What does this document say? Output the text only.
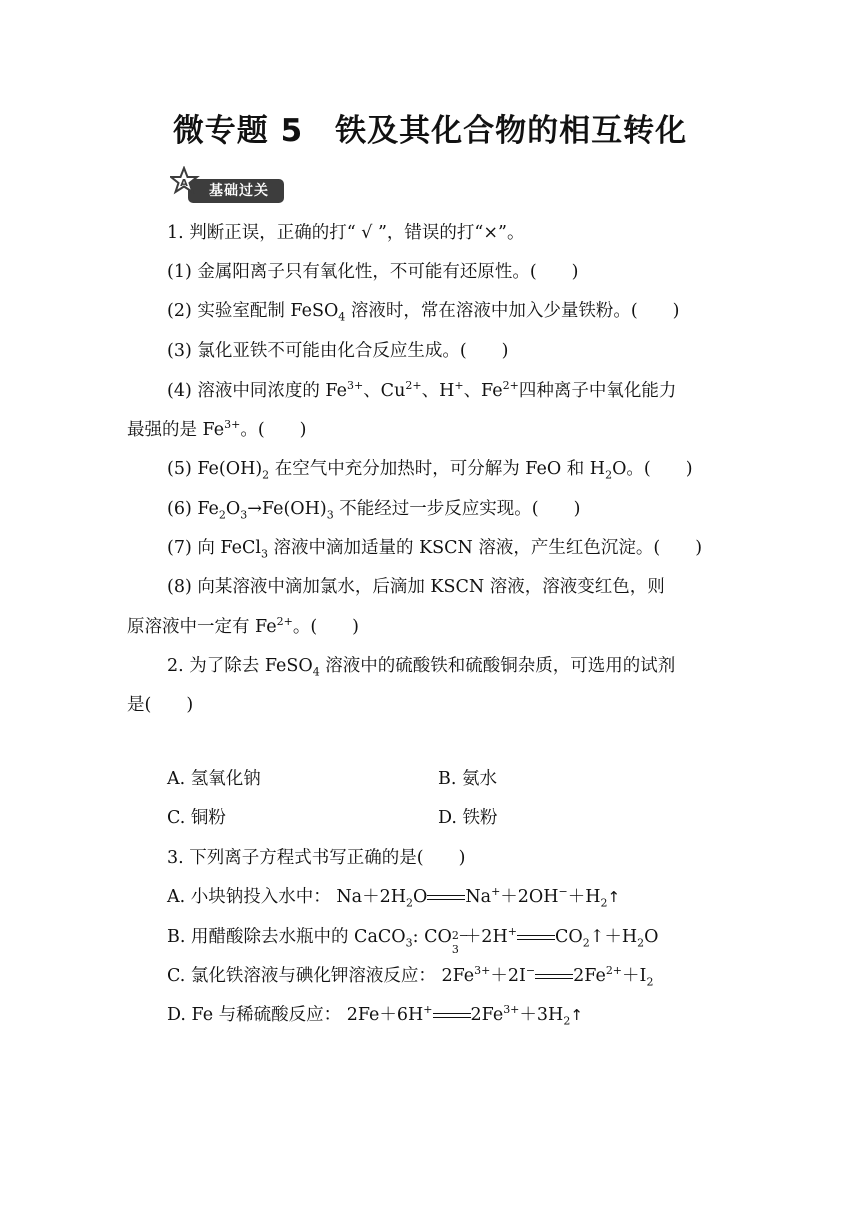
微专题 5　铁及其化合物的相互转化
基础过关
A
1. 判断正误，正确的打“ √ ”，错误的打“×”。
(1) 金属阳离子只有氧化性，不可能有还原性。(　　)
(2) 实验室配制 FeSO$_4$ 溶液时，常在溶液中加入少量铁粉。(　　)
(3) 氯化亚铁不可能由化合反应生成。(　　)
(4) 溶液中同浓度的 $Fe^{3+}$、$Cu^{2+}$、H+、$Fe^{2+}$四种离子中氧化能力
最强的是 $Fe^{3+}$。(　　)
(5) $Fe(OH)_2$ 在空气中充分加热时，可分解为 FeO 和 $H_2O$。(　　)
(6) $Fe_2O_3\to Fe(OH)_3$ 不能经过一步反应实现。(　　)
(7) 向 FeCl$_3$ 溶液中滴加适量的 KSCN 溶液，产生红色沉淀。(　　)
(8) 向某溶液中滴加氯水，后滴加 KSCN 溶液，溶液变红色，则
原溶液中一定有 $Fe^{2+}$。(　　)
2. 为了除去 FeSO$_4$ 溶液中的硫酸铁和硫酸铜杂质，可选用的试剂
是(　　)
A. 氢氧化钠	B. 氨水
C. 铜粉	D. 铁粉
3. 下列离子方程式书写正确的是(　　)
A. 小块钠投入水中： $Na+2H_2O$ $Na^++2OH^-+H_2↑$
B. 用醋酸除去水瓶中的 CaCO$_3$: CO 2−
3
＋2H+ $CO_2↑+H_2O$
C. 氯化铁溶液与碘化钾溶液反应： $2Fe^{3+}+2I^-$ $2Fe^{2+}+I_2$
D. Fe 与稀硫酸反应： 2Fe＋6H+ $2Fe^{3+}+3H_2↑$
